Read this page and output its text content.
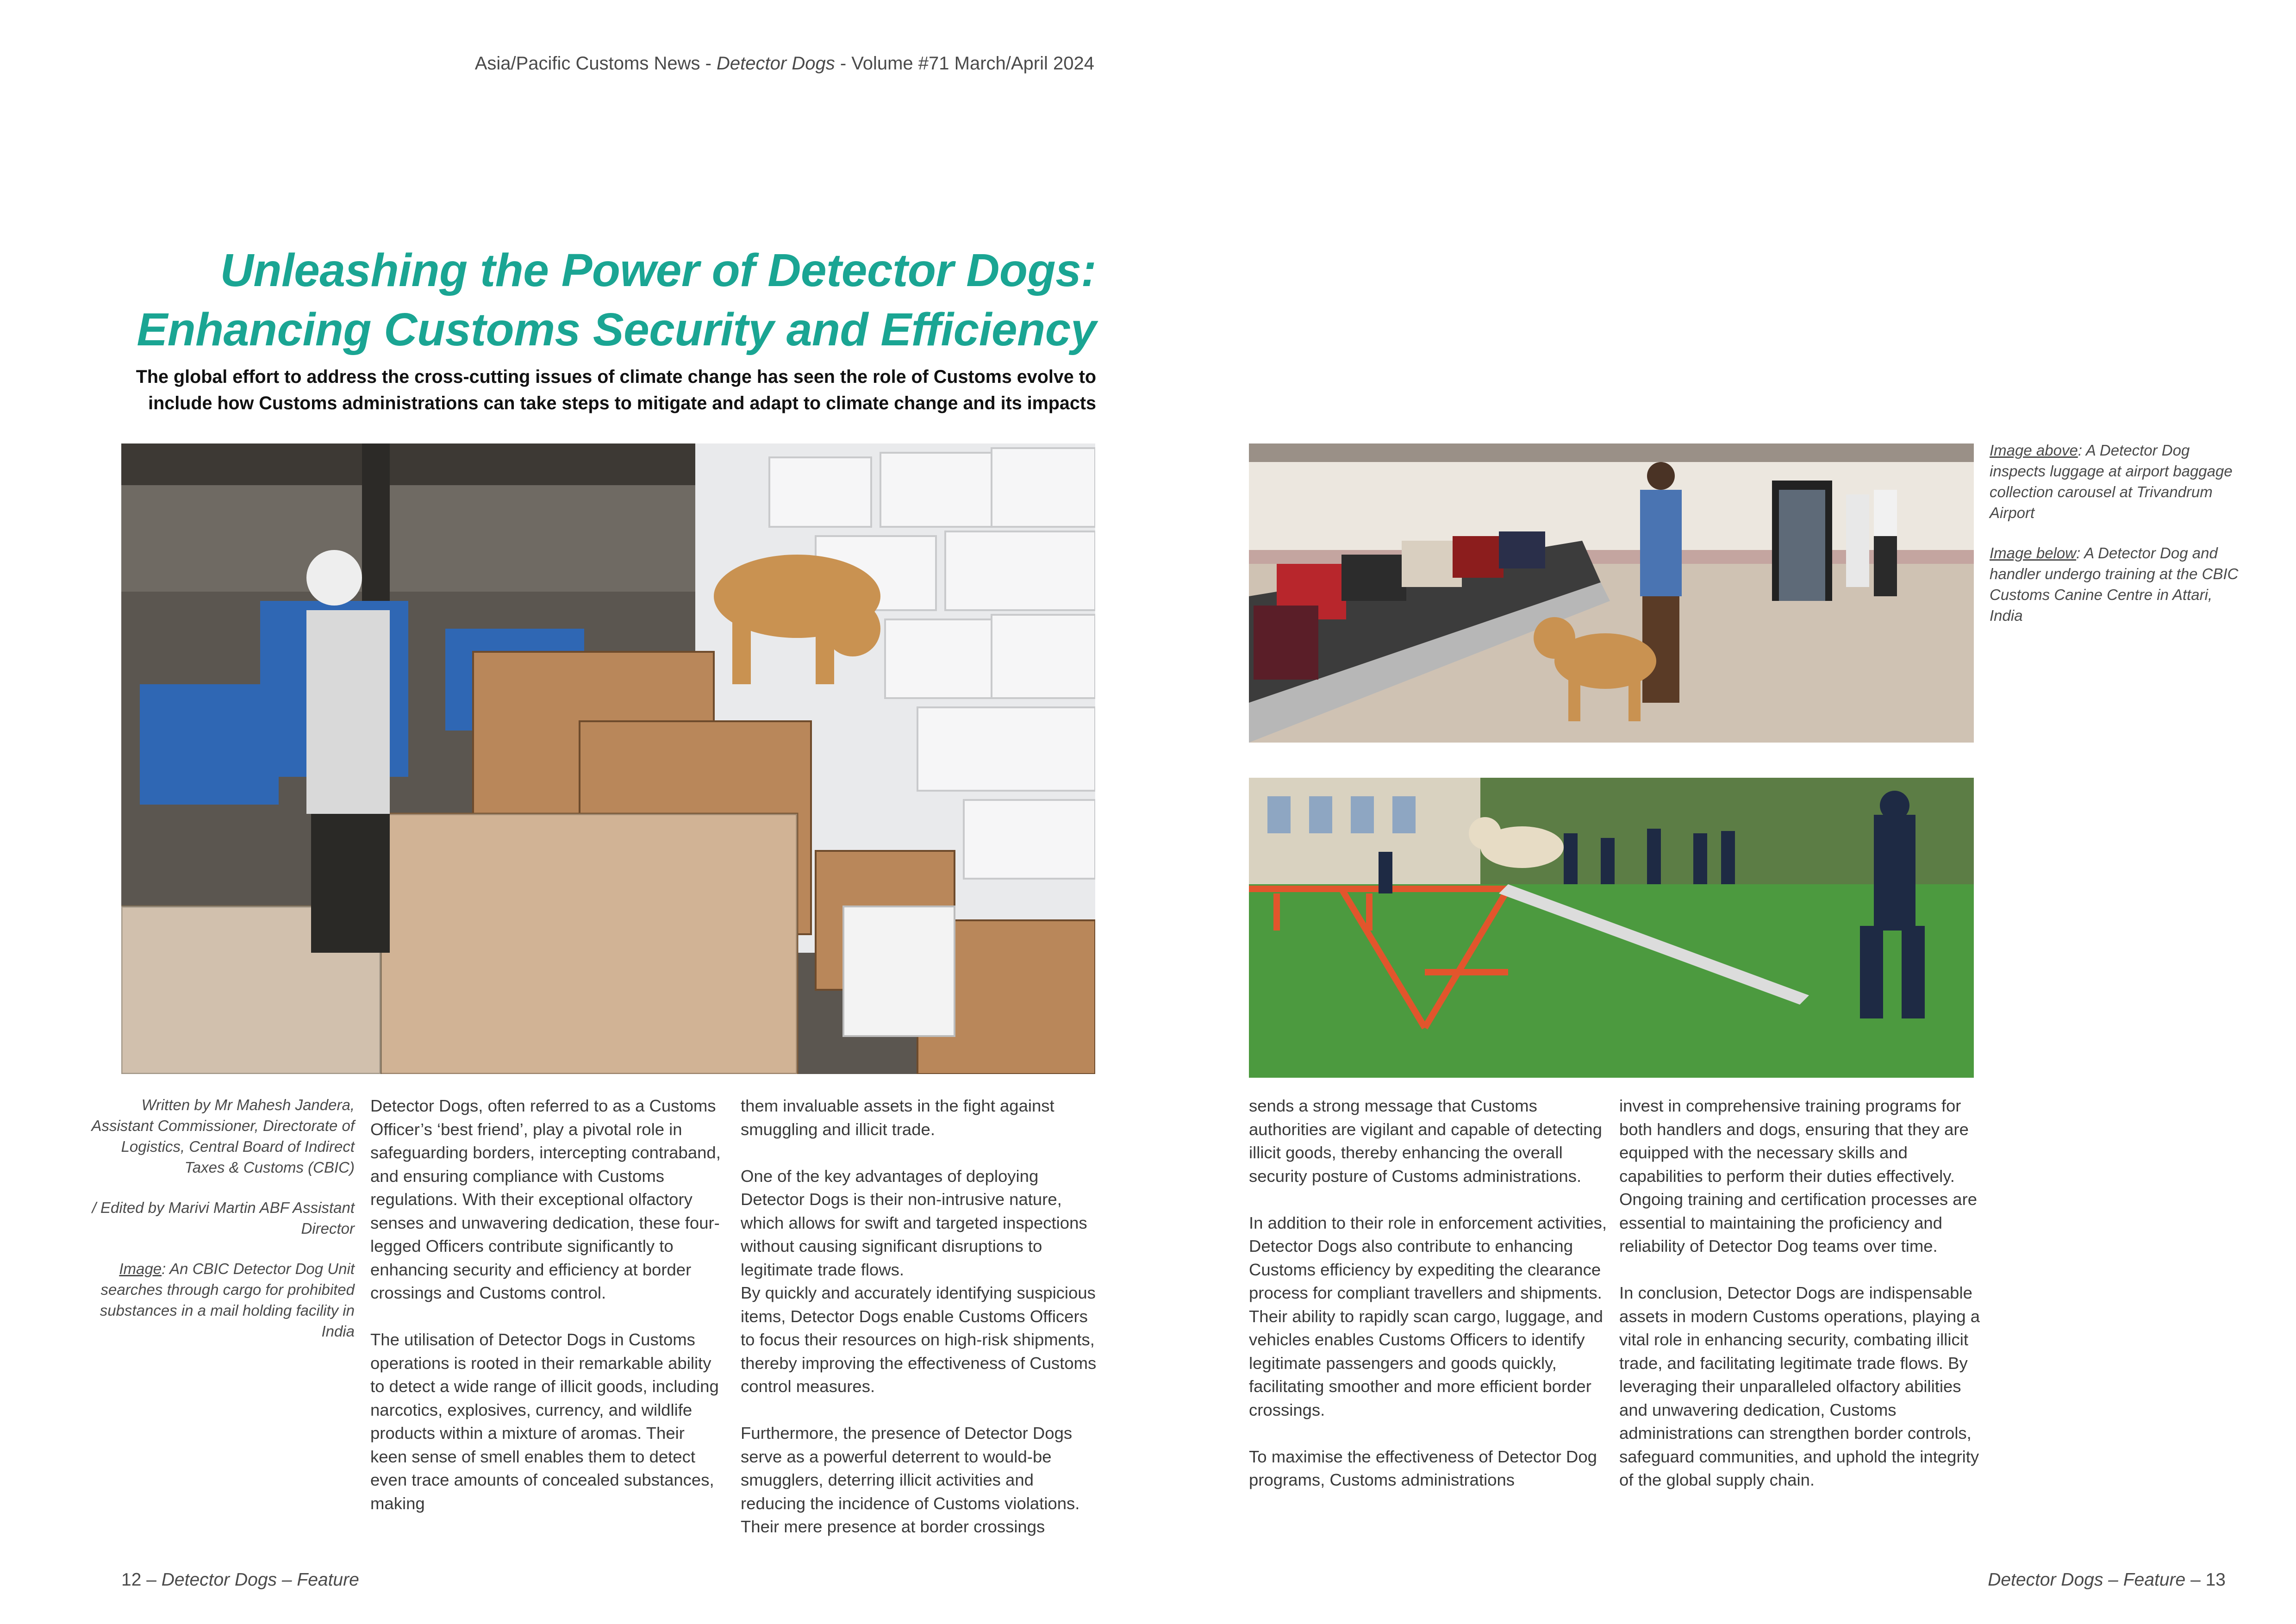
Asia/Pacific Customs News - Detector Dogs - Volume #71 March/April 2024
Unleashing the Power of Detector Dogs:
Enhancing Customs Security and Efficiency
The global effort to address the cross-cutting issues of climate change has seen the role of Customs evolve to
include how Customs administrations can take steps to mitigate and adapt to climate change and its impacts

Image above: A Detector Dog inspects luggage at airport baggage collection carousel at Trivandrum Airport

Image below: A Detector Dog and handler undergo training at the CBIC Customs Canine Centre in Attari, India

Written by Mr Mahesh Jandera, Assistant Commissioner, Directorate of Logistics, Central Board of Indirect Taxes & Customs (CBIC)

/ Edited by Marivi Martin ABF Assistant Director

Image: An CBIC Detector Dog Unit searches through cargo for prohibited substances in a mail holding facility in India

Detector Dogs, often referred to as a Customs Officer’s ‘best friend’, play a pivotal role in safeguarding borders, intercepting contraband, and ensuring compliance with Customs regulations. With their exceptional olfactory senses and unwavering dedication, these four-legged Officers contribute significantly to enhancing security and efficiency at border crossings and Customs control.

The utilisation of Detector Dogs in Customs operations is rooted in their remarkable ability to detect a wide range of illicit goods, including narcotics, explosives, currency, and wildlife products within a mixture of aromas. Their keen sense of smell enables them to detect even trace amounts of concealed substances, making

them invaluable assets in the fight against smuggling and illicit trade.

One of the key advantages of deploying Detector Dogs is their non-intrusive nature, which allows for swift and targeted inspections without causing significant disruptions to legitimate trade flows.

By quickly and accurately identifying suspicious items, Detector Dogs enable Customs Officers to focus their resources on high-risk shipments, thereby improving the effectiveness of Customs control measures.

Furthermore, the presence of Detector Dogs serve as a powerful deterrent to would-be smugglers, deterring illicit activities and reducing the incidence of Customs violations. Their mere presence at border crossings

sends a strong message that Customs authorities are vigilant and capable of detecting illicit goods, thereby enhancing the overall security posture of Customs administrations.

In addition to their role in enforcement activities, Detector Dogs also contribute to enhancing Customs efficiency by expediting the clearance process for compliant travellers and shipments. Their ability to rapidly scan cargo, luggage, and vehicles enables Customs Officers to identify legitimate passengers and goods quickly, facilitating smoother and more efficient border crossings.

To maximise the effectiveness of Detector Dog programs, Customs administrations

invest in comprehensive training programs for both handlers and dogs, ensuring that they are equipped with the necessary skills and capabilities to perform their duties effectively. Ongoing training and certification processes are essential to maintaining the proficiency and reliability of Detector Dog teams over time.

In conclusion, Detector Dogs are indispensable assets in modern Customs operations, playing a vital role in enhancing security, combating illicit trade, and facilitating legitimate trade flows. By leveraging their unparalleled olfactory abilities and unwavering dedication, Customs administrations can strengthen border controls, safeguard communities, and uphold the integrity of the global supply chain.

12 – Detector Dogs – Feature	Detector Dogs – Feature – 13
